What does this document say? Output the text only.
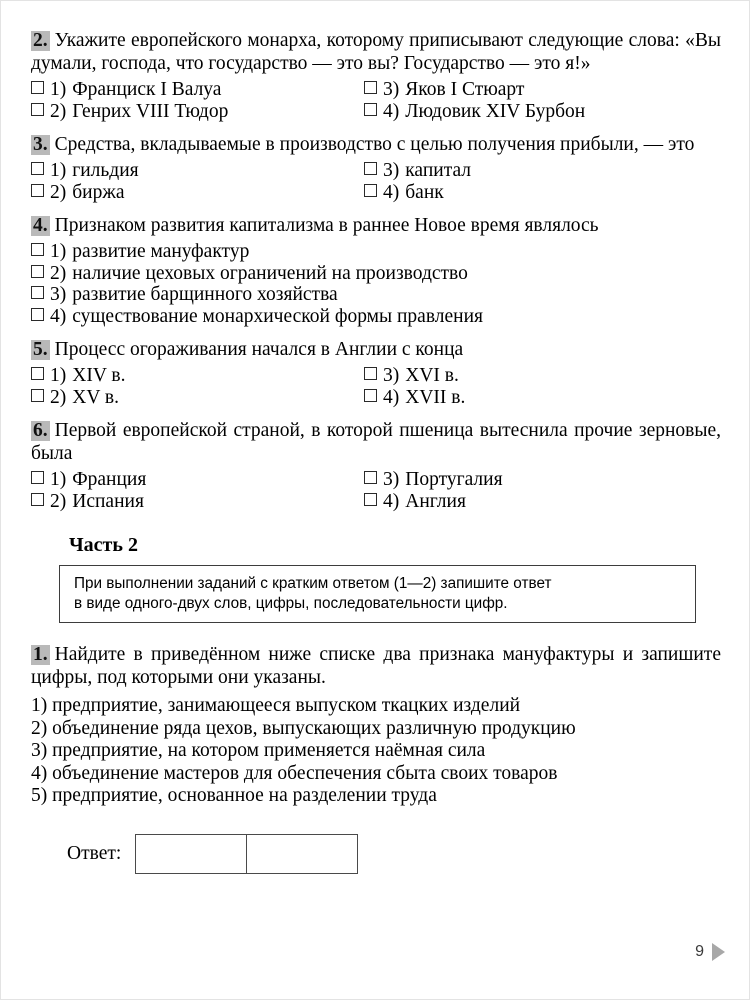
2. Укажите европейского монарха, которому приписывают следующие слова: «Вы думали, господа, что государство — это вы? Государство — это я!»

1) Франциск I Валуа	3) Яков I Стюарт
2) Генрих VIII Тюдор	4) Людовик XIV Бурбон

3. Средства, вкладываемые в производство с целью получения прибыли, — это

1) гильдия	3) капитал
2) биржа	4) банк

4. Признаком развития капитализма в раннее Новое время являлось

1) развитие мануфактур
2) наличие цеховых ограничений на производство
3) развитие барщинного хозяйства
4) существование монархической формы правления

5. Процесс огораживания начался в Англии с конца

1) XIV в.	3) XVI в.
2) XV в.	4) XVII в.

6. Первой европейской страной, в которой пшеница вытеснила прочие зерновые, была

1) Франция	3) Португалия
2) Испания	4) Англия
Часть 2
При выполнении заданий с кратким ответом (1—2) запишите ответ
в виде одного-двух слов, цифры, последовательности цифр.

1. Найдите в приведённом ниже списке два признака мануфактуры и запишите цифры, под которыми они указаны.

1) предприятие, занимающееся выпуском ткацких изделий
2) объединение ряда цехов, выпускающих различную продукцию
3) предприятие, на котором применяется наёмная сила
4) объединение мастеров для обеспечения сбыта своих товаров
5) предприятие, основанное на разделении труда
Ответ:

9
